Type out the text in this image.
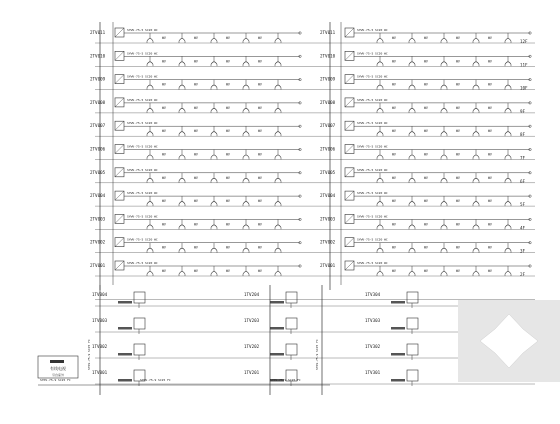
2TV011	SYWV-75-5 SC20 WC
WV	WV	WV	WV
2TV011	SYWV-75-5 SC20 WC
WV	WV	WV	WV
12F
2TV010	SYWV-75-5 SC20 WC
WV	WV	WV	WV
2TV010	SYWV-75-5 SC20 WC
WV	WV	WV	WV
11F
2TV009	SYWV-75-5 SC20 WC
WV	WV	WV	WV
2TV009	SYWV-75-5 SC20 WC
WV	WV	WV	WV
10F
2TV008	SYWV-75-5 SC20 WC
WV	WV	WV	WV
2TV008	SYWV-75-5 SC20 WC
WV	WV	WV	WV
9F
2TV007	SYWV-75-5 SC20 WC
WV	WV	WV	WV
2TV007	SYWV-75-5 SC20 WC
WV	WV	WV	WV
8F
2TV006	SYWV-75-5 SC20 WC
WV	WV	WV	WV
2TV006	SYWV-75-5 SC20 WC
WV	WV	WV	WV
7F
2TV005	SYWV-75-5 SC20 WC
WV	WV	WV	WV
2TV005	SYWV-75-5 SC20 WC
WV	WV	WV	WV
6F
2TV004	SYWV-75-5 SC20 WC
WV	WV	WV	WV
2TV004	SYWV-75-5 SC20 WC
WV	WV	WV	WV
5F
2TV003	SYWV-75-5 SC20 WC
WV	WV	WV	WV
2TV003	SYWV-75-5 SC20 WC
WV	WV	WV	WV
4F
2TV002	SYWV-75-5 SC20 WC
WV	WV	WV	WV
2TV002	SYWV-75-5 SC20 WC
WV	WV	WV	WV
3F
2TV001	SYWV-75-5 SC20 WC
WV	WV	WV	WV
2TV001	SYWV-75-5 SC20 WC
WV	WV	WV	WV
2F
1TV004	1TV204	1TV304
1TV003	1TV203	1TV303
1TV002	1TV202	1TV302
1TV001	1TV201	1TV301
SYKV-75-9 SC25 FC	SYKV-75-9 SC25 FC
SYKV-75-9 SC25 FC	SYKV-75-9 SC25 FC	SYKV-75-9 SC25 FC
有线电视
引自室外
